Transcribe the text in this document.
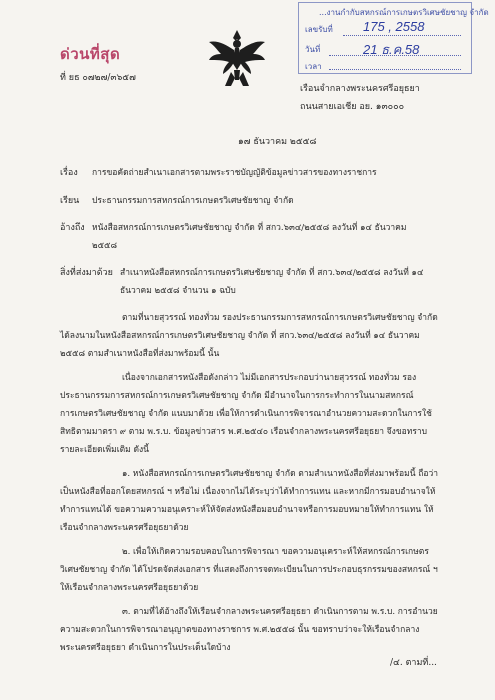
...งานกำกับสหกรณ์การเกษตรวิเศษชัยชาญ จำกัด
เลขรับที่ 175 , 2558
วันที่	21 ธ.ค.58
เวลา
ด่วนที่สุด
ที่ ยธ ๐๗๒๗/๓๖๕๗
เรือนจำกลางพระนครศรีอยุธยา
ถนนสายเอเชีย อย. ๑๓๐๐๐
๑๗ ธันวาคม ๒๕๕๘
เรื่อง การขอคัดถ่ายสำเนาเอกสารตามพระราชบัญญัติข้อมูลข่าวสารของทางราชการ
เรียน ประธานกรรมการสหกรณ์การเกษตรวิเศษชัยชาญ จำกัด
อ้างถึง หนังสือสหกรณ์การเกษตรวิเศษชัยชาญ จำกัด ที่ สกว.๖๓๔/๒๕๕๘ ลงวันที่ ๑๔ ธันวาคม
๒๕๕๘
สิ่งที่ส่งมาด้วย สำเนาหนังสือสหกรณ์การเกษตรวิเศษชัยชาญ จำกัด ที่ สกว.๖๓๔/๒๕๕๘ ลงวันที่ ๑๔
ธันวาคม ๒๕๕๘ จำนวน ๑ ฉบับ
ตามที่นายสุวรรณ์ ทองทั่วม รองประธานกรรมการสหกรณ์การเกษตรวิเศษชัยชาญ จำกัด
ได้ลงนามในหนังสือสหกรณ์การเกษตรวิเศษชัยชาญ จำกัด ที่ สกว.๖๓๔/๒๕๕๘ ลงวันที่ ๑๔ ธันวาคม
๒๕๕๘ ตามสำเนาหนังสือที่ส่งมาพร้อมนี้ นั้น
เนื่องจากเอกสารหนังสือดังกล่าว ไม่มีเอกสารประกอบว่านายสุวรรณ์ ทองทั่วม รอง
ประธานกรรมการสหกรณ์การเกษตรวิเศษชัยชาญ จำกัด มีอำนาจในการกระทำการในนามสหกรณ์
การเกษตรวิเศษชัยชาญ จำกัด แนบมาด้วย เพื่อให้การดำเนินการพิจารณาอำนวยความสะดวกในการใช้
สิทธิตามมาตรา ๙ ตาม พ.ร.บ. ข้อมูลข่าวสาร พ.ศ.๒๕๔๐ เรือนจำกลางพระนครศรีอยุธยา จึงขอทราบ
รายละเอียดเพิ่มเติม ดังนี้
๑. หนังสือสหกรณ์การเกษตรวิเศษชัยชาญ จำกัด ตามสำเนาหนังสือที่ส่งมาพร้อมนี้ ถือว่า
เป็นหนังสือที่ออกโดยสหกรณ์ ฯ หรือไม่ เนื่องจากไม่ได้ระบุว่าได้ทำการแทน และหากมีการมอบอำนาจให้
ทำการแทนได้ ขอความความอนุเคราะห์ให้จัดส่งหนังสือมอบอำนาจหรือการมอบหมายให้ทำการแทน ให้
เรือนจำกลางพระนครศรีอยุธยาด้วย
๒. เพื่อให้เกิดความรอบคอบในการพิจารณา ขอความอนุเคราะห์ให้สหกรณ์การเกษตร
วิเศษชัยชาญ จำกัด ได้โปรดจัดส่งเอกสาร ที่แสดงถึงการจดทะเบียนในการประกอบธุรกรรมของสหกรณ์ ฯ
ให้เรือนจำกลางพระนครศรีอยุธยาด้วย
๓. ตามที่ได้อ้างถึงให้เรือนจำกลางพระนครศรีอยุธยา ดำเนินการตาม พ.ร.บ. การอำนวย
ความสะดวกในการพิจารณาอนุญาตของทางราชการ พ.ศ.๒๕๕๘ นั้น ขอทราบว่าจะให้เรือนจำกลาง
พระนครศรีอยุธยา ดำเนินการในประเด็นใดบ้าง
/๔. ตามที่...
